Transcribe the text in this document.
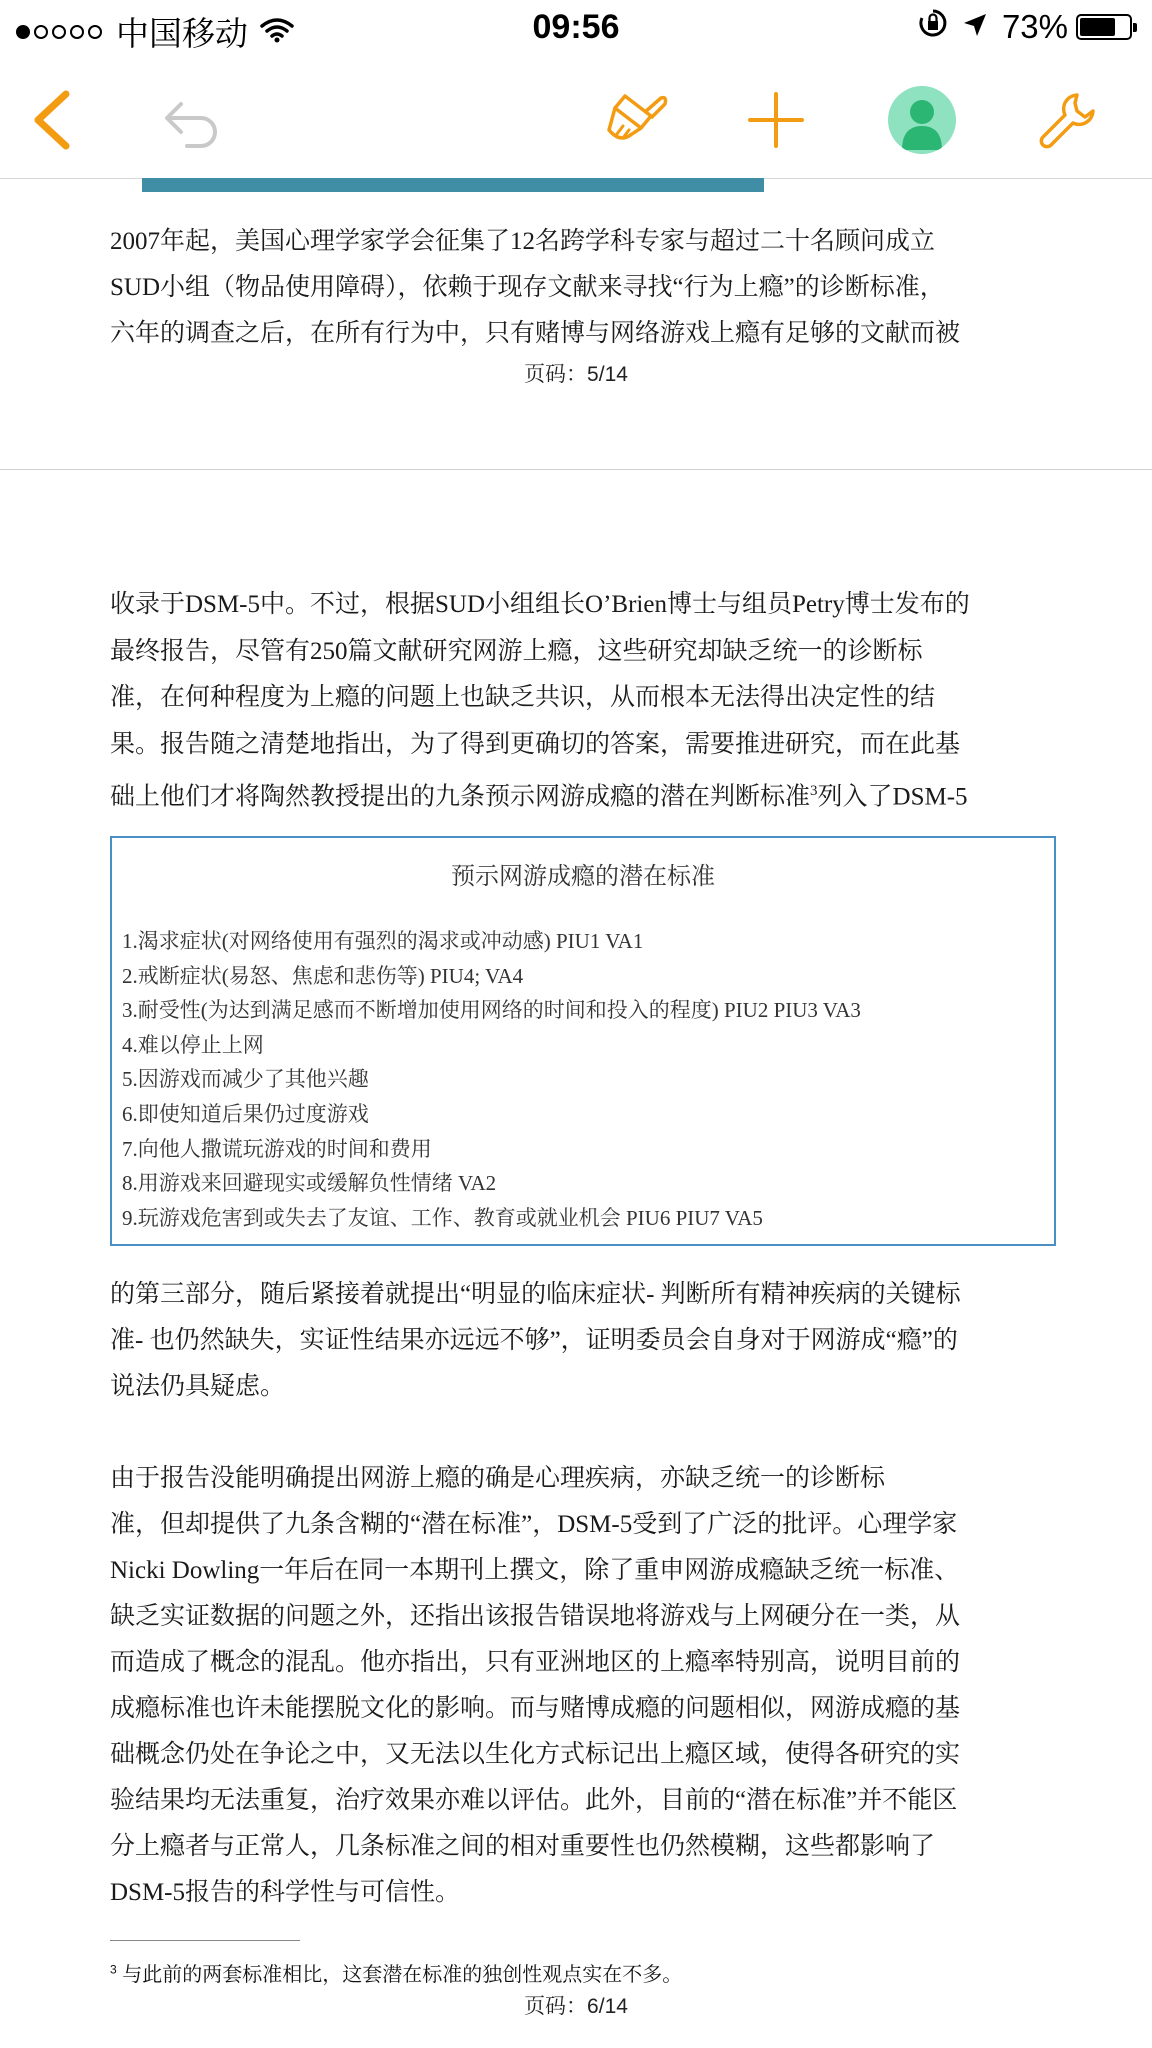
中国移动	09:56	73%

2007年起，美国心理学家学会征集了12名跨学科专家与超过二十名顾问成立
SUD小组（物品使用障碍），依赖于现存文献来寻找“行为上瘾”的诊断标准，
六年的调查之后，在所有行为中，只有赌博与网络游戏上瘾有足够的文献而被

页码：5/14

收录于DSM-5中。不过，根据SUD小组组长O’Brien博士与组员Petry博士发布的
最终报告，尽管有250篇文献研究网游上瘾，这些研究却缺乏统一的诊断标
准，在何种程度为上瘾的问题上也缺乏共识，从而根本无法得出决定性的结
果。报告随之清楚地指出，为了得到更确切的答案，需要推进研究，而在此基
础上他们才将陶然教授提出的九条预示网游成瘾的潜在判断标准$^3$列入了DSM-5

预示网游成瘾的潜在标准
1.渴求症状(对网络使用有强烈的渴求或冲动感) PIU1 VA1
2.戒断症状(易怒、焦虑和悲伤等) PIU4; VA4
3.耐受性(为达到满足感而不断增加使用网络的时间和投入的程度) PIU2 PIU3 VA3
4.难以停止上网
5.因游戏而减少了其他兴趣
6.即使知道后果仍过度游戏
7.向他人撒谎玩游戏的时间和费用
8.用游戏来回避现实或缓解负性情绪 VA2
9.玩游戏危害到或失去了友谊、工作、教育或就业机会 PIU6 PIU7 VA5

的第三部分，随后紧接着就提出“明显的临床症状- 判断所有精神疾病的关键标
准- 也仍然缺失，实证性结果亦远远不够”，证明委员会自身对于网游成“瘾”的
说法仍具疑虑。

由于报告没能明确提出网游上瘾的确是心理疾病，亦缺乏统一的诊断标
准，但却提供了九条含糊的“潜在标准”，DSM-5受到了广泛的批评。心理学家
Nicki Dowling一年后在同一本期刊上撰文，除了重申网游成瘾缺乏统一标准、
缺乏实证数据的问题之外，还指出该报告错误地将游戏与上网硬分在一类，从
而造成了概念的混乱。他亦指出，只有亚洲地区的上瘾率特别高，说明目前的
成瘾标准也许未能摆脱文化的影响。而与赌博成瘾的问题相似，网游成瘾的基
础概念仍处在争论之中，又无法以生化方式标记出上瘾区域，使得各研究的实
验结果均无法重复，治疗效果亦难以评估。此外，目前的“潜在标准”并不能区
分上瘾者与正常人，几条标准之间的相对重要性也仍然模糊，这些都影响了
DSM-5报告的科学性与可信性。

$^3$ 与此前的两套标准相比，这套潜在标准的独创性观点实在不多。
页码：6/14
